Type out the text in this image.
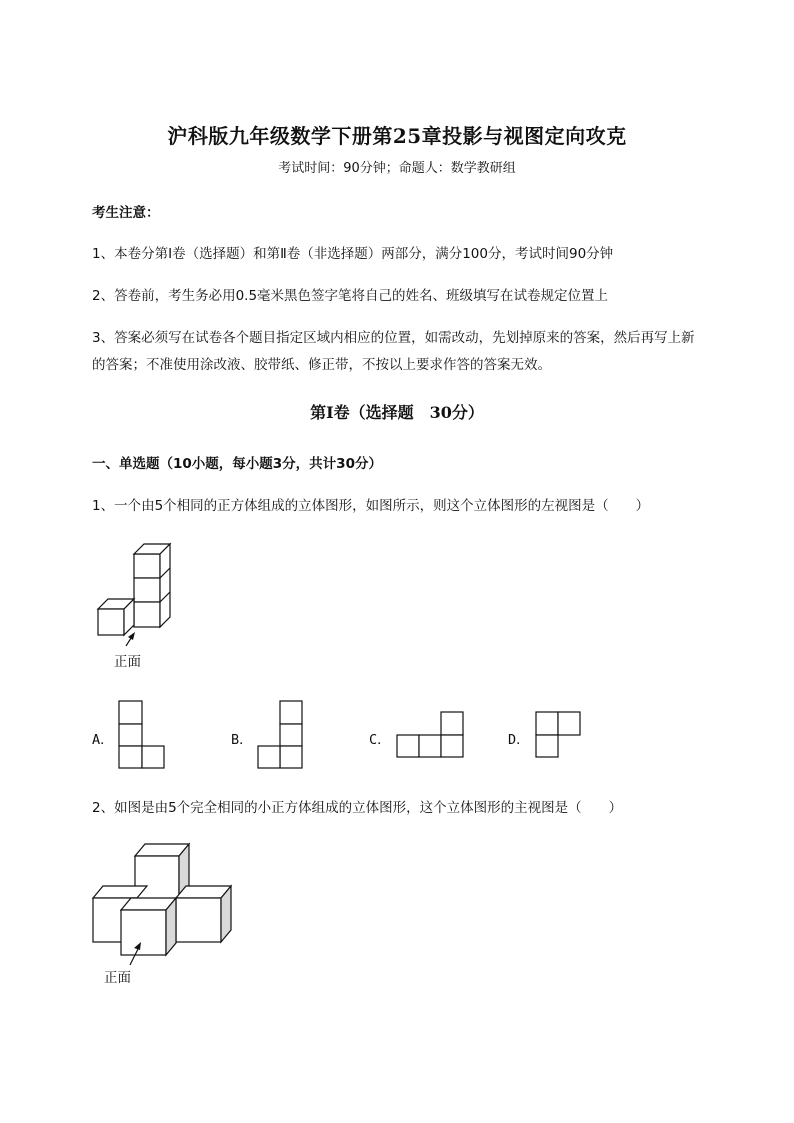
沪科版九年级数学下册第25章投影与视图定向攻克
考试时间：90分钟；命题人：数学教研组
考生注意：
1、本卷分第I卷（选择题）和第Ⅱ卷（非选择题）两部分，满分100分，考试时间90分钟
2、答卷前，考生务必用0.5毫米黑色签字笔将自己的姓名、班级填写在试卷规定位置上
3、答案必须写在试卷各个题目指定区域内相应的位置，如需改动，先划掉原来的答案，然后再写上新
的答案；不准使用涂改液、胶带纸、修正带，不按以上要求作答的答案无效。
第I卷（选择题　30分）
一、单选题（10小题，每小题3分，共计30分）
1、一个由5个相同的正方体组成的立体图形，如图所示，则这个立体图形的左视图是（　　）
正面
A．	B．	C．	D．
2、如图是由5个完全相同的小正方体组成的立体图形，这个立体图形的主视图是（　　）
正面
